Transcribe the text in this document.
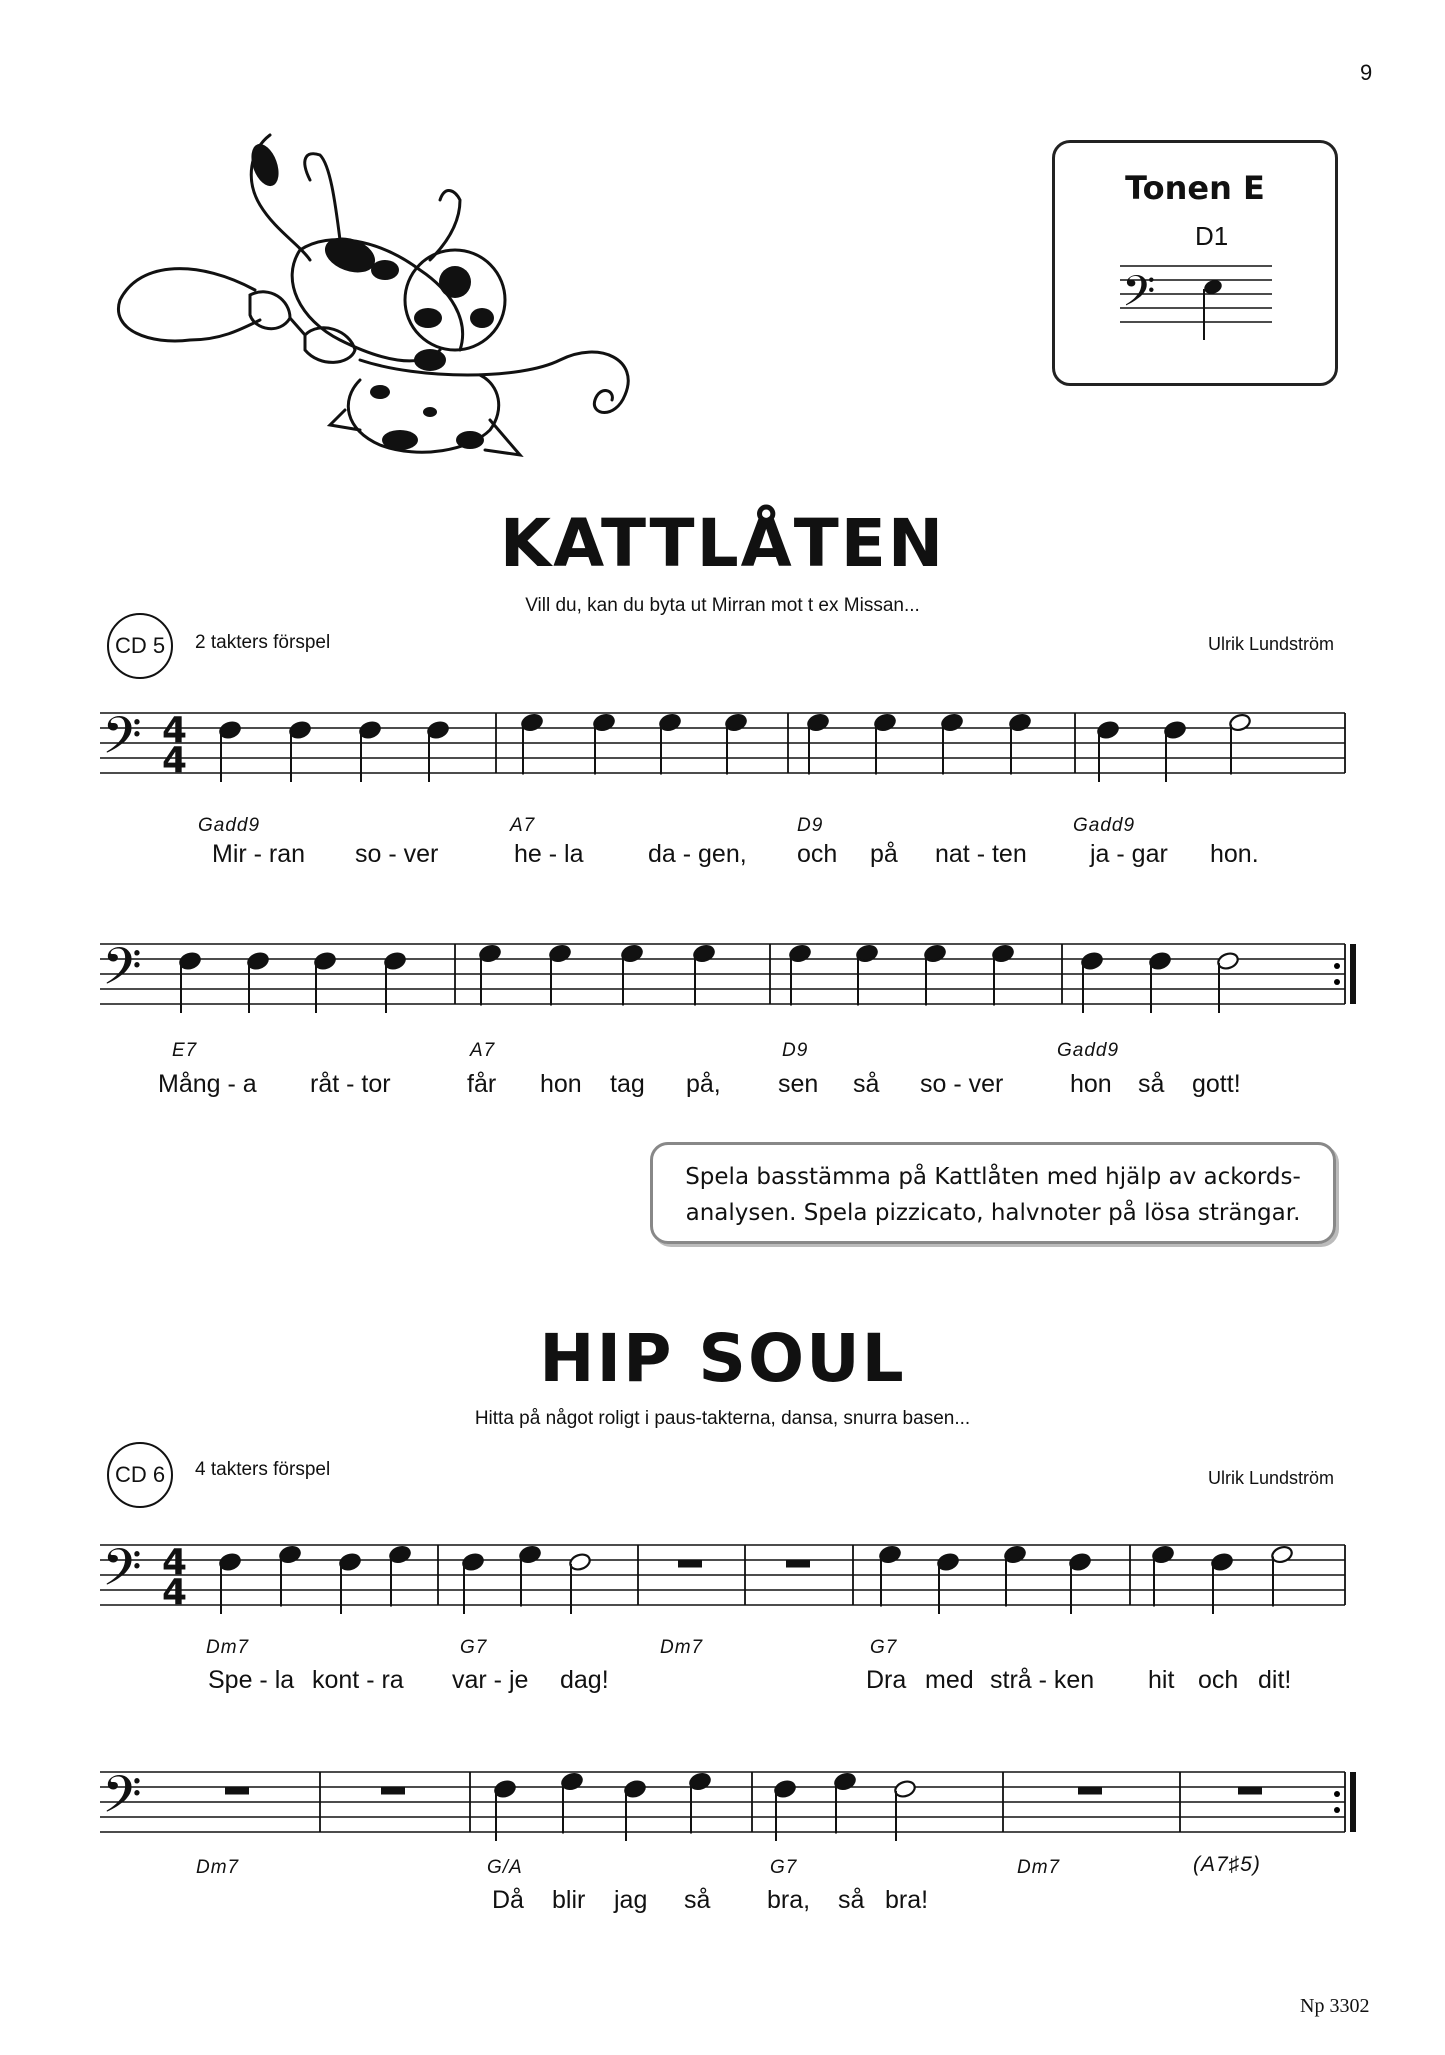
9
Tonen E
D1
𝄢
KATTLÅTEN
Vill du, kan du byta ut Mirran mot t ex Missan...
CD 5	2 takters förspel	Ulrik Lundström
Gadd9	A7	D9	Gadd9
Mir - ran so - ver	he - la	da - gen, och på nat - ten	ja - gar hon.
E7	A7	D9	Gadd9
Mång - a råt - tor	får hon tag på, sen så so - ver	hon så gott!
Spela basstämma på Kattlåten med hjälp av ackords-
analysen. Spela pizzicato, halvnoter på lösa strängar.
HIP SOUL
Hitta på något roligt i paus-takterna, dansa, snurra basen...
CD 6	4 takters förspel	Ulrik Lundström
Dm7	G7	Dm7	G7
Spe - la kont - ra var - je dag!	Dra med strå - ken hit och dit!
Dm7	G/A	G7	Dm7	(A7♯5)
Då blir jag så bra, så bra!
Np 3302
𝄢 4
4
𝄢
𝄢 4
4
𝄢
